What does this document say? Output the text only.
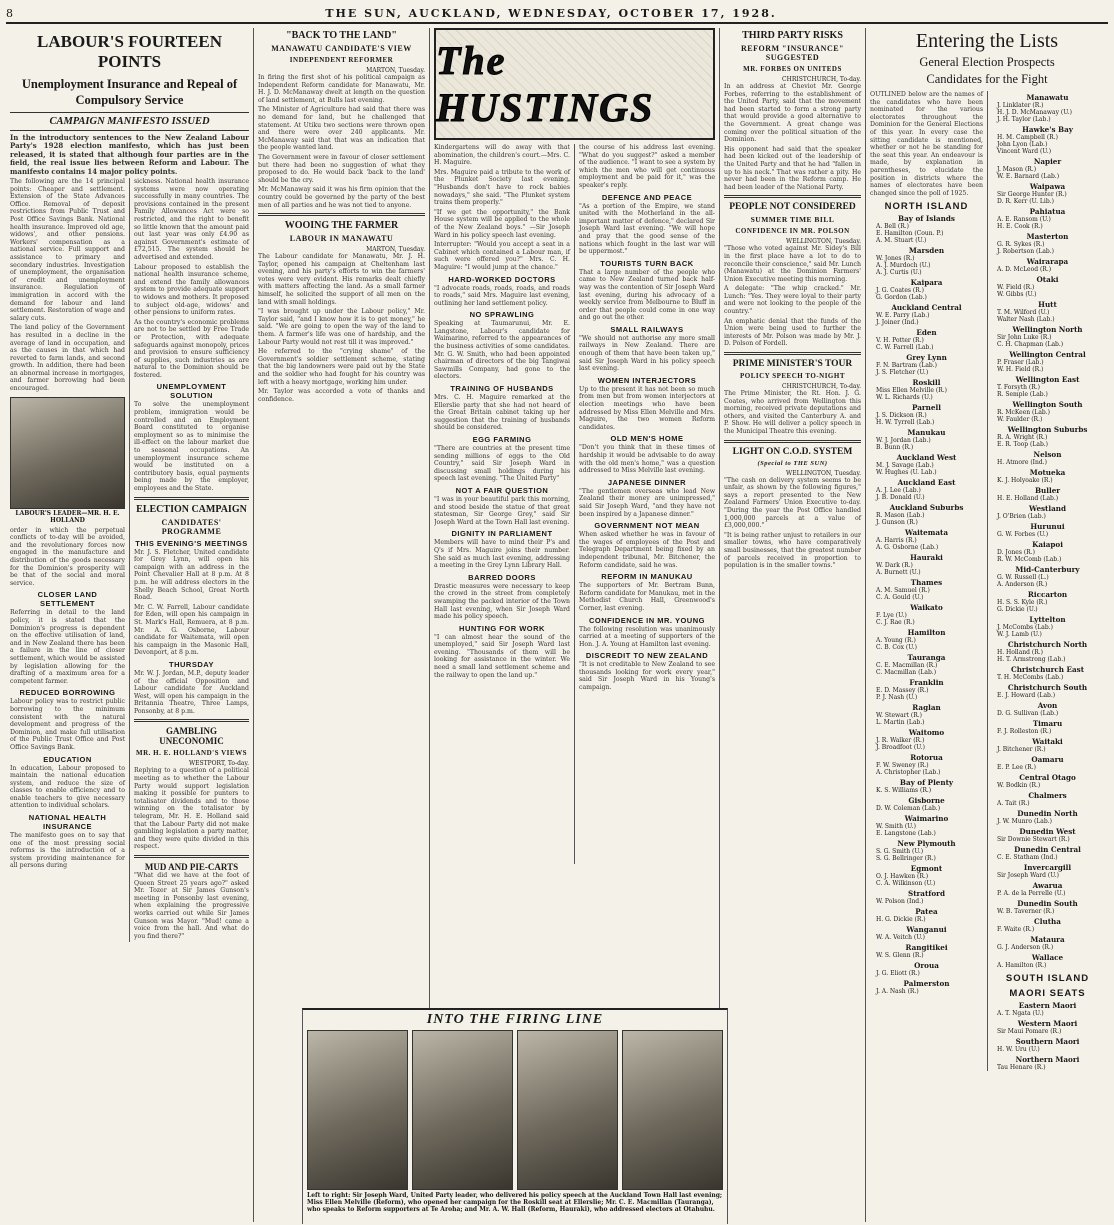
8	THE SUN, AUCKLAND, WEDNESDAY, OCTOBER 17, 1928.
LABOUR'S FOURTEEN POINTS
Unemployment Insurance and Repeal of Compulsory Service
CAMPAIGN MANIFESTO ISSUED

In the introductory sentences to the New Zealand Labour Party's 1928 election manifesto, which has just been released, it is stated that although four parties are in the field, the real issue lies between Reform and Labour. The manifesto contains 14 major policy points.

The following are the 14 principal points: Cheaper and settlement. Extension of the State Advances Office. Removal of deposit restrictions from Public Trust and Post Office Savings Bank. National health insurance. Improved old age, widows', and other pensions. Workers' compensation as a national service. Full support and assistance to primary and secondary industries. Investigation of unemployment, the organisation of credit and unemployment insurance. Regulation of immigration in accord with the demand for labour and land settlement. Restoration of wage and salary cuts.

The land policy of the Government has resulted in a decline in the average of land in occupation, and as the causes in that which had reverted to farm lands, and second growth. In addition, there had been an abnormal increase in mortgages, and farmer borrowing had been encouraged.

LABOUR'S LEADER—MR. H. E. HOLLAND

order in which the perpetual conflicts of to-day will be avoided, and the revolutionary forces now engaged in the manufacture and distribution of the goods necessary for the Dominion's prosperity will be that of the social and moral service.

CLOSER LAND SETTLEMENT

Referring in detail to the land policy, it is stated that the Dominion's progress is dependent on the effective utilisation of land, and in New Zealand there has been a failure in the line of closer settlement, which would be assisted by legislation allowing for the drafting of a maximum area for a competent farmer.

REDUCED BORROWING

Labour policy was to restrict public borrowing to the minimum consistent with the natural development and progress of the Dominion, and make full utilisation of the Public Trust Office and Post Office Savings Bank.

EDUCATION

In education, Labour proposed to maintain the national education system, and reduce the size of classes to enable efficiency and to enable teachers to give necessary attention to individual scholars.

NATIONAL HEALTH INSURANCE

The manifesto goes on to say that one of the most pressing social reforms is the introduction of a system providing maintenance for all persons during

sickness. National health insurance systems were now operating successfully in many countries. The provisions contained in the present Family Allowances Act were so restricted, and the right to benefit so little known that the amount paid out last year was only £4.90 as against Government's estimate of £72,515. The system should be advertised and extended.

Labour proposed to establish the national health insurance scheme, and extend the family allowances system to provide adequate support to widows and mothers. It proposed to subject old-age, widows' and other pensions to uniform rates.

As the country's economic problems are not to be settled by Free Trade or Protection, with adequate safeguards against monopoly, prices and provision to ensure sufficiency of supplies, such industries as are natural to the Dominion should be fostered.

UNEMPLOYMENT SOLUTION

To solve the unemployment problem, immigration would be controlled and an Employment Board constituted to organise employment so as to minimise the ill-effect on the labour market due to seasonal occupations. An unemployment insurance scheme would be instituted on a contributory basis, equal payments being made by the employer, employees and the State.

ELECTION CAMPAIGN
CANDIDATES' PROGRAMME
THIS EVENING'S MEETINGS

Mr. J. S. Fletcher, United candidate for Grey Lynn, will open his campaign with an address in the Point Chevalier Hall at 8 p.m. At 8 p.m. he will address electors in the Shelly Beach School, Great North Road.

Mr. C. W. Farrell, Labour candidate for Eden, will open his campaign in St. Mark's Hall, Remuera, at 8 p.m. Mr. A. G. Osborne, Labour candidate for Waitemata, will open his campaign in the Masonic Hall, Devonport, at 8 p.m.

THURSDAY

Mr. W. J. Jordan, M.P., deputy leader of the official Opposition and Labour candidate for Auckland West, will open his campaign in the Britannia Theatre, Three Lamps, Ponsonby, at 8 p.m.

GAMBLING UNECONOMIC
MR. H. E. HOLLAND'S VIEWS
WESTPORT, To-day.

Replying to a question of a political meeting as to whether the Labour Party would support legislation making it possible for punters to totalisator dividends and to those winning on the totalisator by telegram, Mr. H. E. Holland said that the Labour Party did not make gambling legislation a party matter, and they were quite divided in this respect.

MUD AND PIE-CARTS

"What did we have at the foot of Queen Street 25 years ago?" asked Mr. Tozer at Sir James Gunson's meeting in Ponsonby last evening, when explaining the progressive works carried out while Sir James Gunson was Mayor. "Mud! came a voice from the hall. And what do you find there?"

"BACK TO THE LAND"
MANAWATU CANDIDATE'S VIEW
INDEPENDENT REFORMER
MARTON, Tuesday.

In firing the first shot of his political campaign as Independent Reform candidate for Manawatu, Mr. H. J. D. McManaway dwelt at length on the question of land settlement, at Bulls last evening.

The Minister of Agriculture had said that there was no demand for land, but he challenged that statement. At Utiku two sections were thrown open and there were over 240 applicants. Mr. McManaway said that that was an indication that the people wanted land.

The Government were in favour of closer settlement but there had been no suggestion of what they proposed to do. He would back 'back to the land' should be the cry.

Mr. McManaway said it was his firm opinion that the country could be governed by the party of the best men of all parties and he was not tied to anyone.

WOOING THE FARMER
LABOUR IN MANAWATU
MARTON, Tuesday.

The Labour candidate for Manawatu, Mr. J. H. Taylor, opened his campaign at Cheltenham last evening, and his party's efforts to win the farmers' votes were very evident. His remarks dealt chiefly with matters affecting the land. As a small farmer himself, he solicited the support of all men on the land with small holdings.

"I was brought up under the Labour policy," Mr. Taylor said, "and I know how it is to get money," he said. "We are going to open the way of the land to them. A farmer's life was one of hardship, and the Labour Party would not rest till it was improved."

He referred to the "crying shame" of the Government's soldier settlement scheme, stating that the big landowners were paid out by the State and the soldier who had fought for his country was left with a heavy mortgage, working him under.

Mr. Taylor was accorded a vote of thanks and confidence.

The HUSTINGS

Kindergartens will do away with that abomination, the children's court.—Mrs. C. H. Maguire.

Mrs. Maguire paid a tribute to the work of the Plunket Society last evening. "Husbands don't have to rock babies nowadays," she said. "The Plunket system trains them properly."

"If we get the opportunity," the Bank House system will be applied to the whole of the New Zealand boys." —Sir Joseph Ward in his policy speech last evening.

Interrupter: "Would you accept a seat in a Cabinet which contained a Labour man, if such were offered you?" Mrs. C. H. Maguire: "I would jump at the chance."

HARD-WORKED DOCTORS

"I advocate roads, roads, roads, and roads to roads," said Mrs. Maguire last evening, outlining her land settlement policy.

NO SPRAWLING

Speaking at Taumarunui, Mr. E. Langstone, Labour's candidate for Waimarino, referred to the appearances of the business activities of some candidates. Mr. G. W. Smith, who had been appointed chairman of directors of the big Tangiwai Sawmills Company, had gone to the electors.

TRAINING OF HUSBANDS

Mrs. C. H. Maguire remarked at the Ellerslie party that she had not heard of the Great Britain cabinet taking up her suggestion that the training of husbands should be considered.

EGG FARMING

"There are countries at the present time sending millions of eggs to the Old Country," said Sir Joseph Ward in discussing small holdings during his speech last evening. "The United Party"

NOT A FAIR QUESTION

"I was in your beautiful park this morning, and stood beside the statue of that great statesman, Sir George Grey," said Sir Joseph Ward at the Town Hall last evening.

DIGNITY IN PARLIAMENT

Members will have to mind their P's and Q's if Mrs. Maguire joins their number. She said as much last evening, addressing a meeting in the Grey Lynn Library Hall.

BARRED DOORS

Drastic measures were necessary to keep the crowd in the street from completely swamping the packed interior of the Town Hall last evening, when Sir Joseph Ward made his policy speech.

HUNTING FOR WORK

"I can almost hear the sound of the unemployed," said Sir Joseph Ward last evening. "Thousands of them will be looking for assistance in the winter. We need a small land settlement scheme and the railway to open the land up."

the course of his address last evening. "What do you suggest?" asked a member of the audience. "I want to see a system by which the men who will get continuous employment and be paid for it," was the speaker's reply.

DEFENCE AND PEACE

"As a portion of the Empire, we stand united with the Motherland in the all-important matter of defence," declared Sir Joseph Ward last evening. "We will hope and pray that the good sense of the nations which fought in the last war will be uppermost."

TOURISTS TURN BACK

That a large number of the people who came to New Zealand turned back half-way was the contention of Sir Joseph Ward last evening, during his advocacy of a weekly service from Melbourne to Bluff in order that people could come in one way and go out the other.

SMALL RAILWAYS

"We should not authorise any more small railways in New Zealand. There are enough of them that have been taken up," said Sir Joseph Ward in his policy speech last evening.

WOMEN INTERJECTORS

Up to the present it has not been so much from men but from women interjectors at election meetings who have been addressed by Miss Ellen Melville and Mrs. Maguire, the two women Reform candidates.

OLD MEN'S HOME

"Don't you think that in these times of hardship it would be advisable to do away with the old men's home," was a question addressed to Miss Melville last evening.

JAPANESE DINNER

"The gentlemen overseas who lead New Zealand their money are unimpressed," said Sir Joseph Ward, "and they have not been inspired by a Japanese dinner."

GOVERNMENT NOT MEAN

When asked whether he was in favour of the wages of employees of the Post and Telegraph Department being fixed by an independent tribunal, Mr. Bitchener, the Reform candidate, said he was.

REFORM IN MANUKAU

The supporters of Mr. Bertram Bunn, Reform candidate for Manukau, met in the Methodist Church Hall, Greenwood's Corner, last evening.

CONFIDENCE IN MR. YOUNG

The following resolution was unanimously carried at a meeting of supporters of the Hon. J. A. Young at Hamilton last evening.

DISCREDIT TO NEW ZEALAND

"It is not creditable to New Zealand to see thousands looking for work every year," said Sir Joseph Ward in his Young's campaign.

THIRD PARTY RISKS
REFORM "INSURANCE" SUGGESTED
MR. FORBES ON UNITEDS
CHRISTCHURCH, To-day.

In an address at Cheviot Mr. George Forbes, referring to the establishment of the United Party, said that the movement had been started to form a strong party that would provide a good alternative to the Government. A great change was coming over the political situation of the Dominion.

His opponent had said that the speaker had been kicked out of the leadership of the United Party and that he had "fallen in up to his neck." That was rather a pity. He never had been in the Reform camp. He had been leader of the National Party.

PEOPLE NOT CONSIDERED
SUMMER TIME BILL
CONFIDENCE IN MR. POLSON
WELLINGTON, Tuesday.

"Those who voted against Mr. Sidey's Bill in the first place have a lot to do to reconcile their conscience," said Mr. Lunch (Manawatu) at the Dominion Farmers' Union Executive meeting this morning.

A delegate: "The whip cracked." Mr. Lunch: "Yes. They were loyal to their party and were not looking to the people of the country."

An emphatic denial that the funds of the Union were being used to further the interests of Mr. Polson was made by Mr. J. D. Polson of Fordell.

PRIME MINISTER'S TOUR
POLICY SPEECH TO-NIGHT
CHRISTCHURCH, To-day.

The Prime Minister, the Rt. Hon. J. G. Coates, who arrived from Wellington this morning, received private deputations and others, and visited the Canterbury A. and P. Show. He will deliver a policy speech in the Municipal Theatre this evening.

LIGHT ON C.O.D. SYSTEM
(Special to THE SUN)
WELLINGTON, Tuesday.

"The cash on delivery system seems to be unfair, as shown by the following figures," says a report presented to the New Zealand Farmers' Union Executive to-day. "During the year the Post Office handled 1,000,000 parcels at a value of £3,000,000."

"It is being rather unjust to retailers in our smaller towns, who have comparatively small businesses, that the greatest number of parcels received in proportion to population is in the smaller towns."

Entering the Lists
General Election Prospects
Candidates for the Fight

OUTLINED below are the names of the candidates who have been nominated for the various electorates throughout the Dominion for the General Elections of this year. In every case the sitting candidate is mentioned, whether or not he be standing for the seat this year. An endeavour is made, by explanation in parentheses, to elucidate the position in districts where the names of electorates have been changed since the poll of 1925.

NORTH ISLAND
Bay of Islands
A. Bell (R.)
E. Hamilton (Coun. P.)
A. M. Stuart (U.)
Marsden
W. Jones (R.)
A. J. Murdoch (U.)
A. J. Curtis (U.)
Kaipara
J. G. Coates (R.)
G. Gordon (Lab.)
Auckland Central
W. E. Parry (Lab.)
J. Joiner (Ind.)
Eden
V. H. Potter (R.)
C. W. Farrell (Lab.)
Grey Lynn
F. N. Bartram (Lab.)
J. S. Fletcher (U.)
Roskill
Miss Ellen Melville (R.)
W. L. Richards (U.)
Parnell
J. S. Dickson (R.)
H. W. Tyrrell (Lab.)
Manukau
W. J. Jordan (Lab.)
B. Bunn (R.)
Auckland West
M. J. Savage (Lab.)
W. Hughes (U. Lab.)
Auckland East
A. J. Lee (Lab.)
J. B. Donald (U.)
Auckland Suburbs
R. Mason (Lab.)
J. Gunson (R.)
Waitemata
A. Harris (R.)
A. G. Osborne (Lab.)
Hauraki
W. Dark (R.)
A. Burnett (U.)
Thames
A. M. Samuel (R.)
C. A. Gould (U.)
Waikato
F. Lye (U.)
C. J. Rae (R.)
Hamilton
A. Young (R.)
C. B. Cox (U.)
Tauranga
C. E. Macmillan (R.)
C. Macmillan (Lab.)
Franklin
E. D. Massey (R.)
P. J. Nash (U.)
Raglan
W. Stewart (R.)
L. Martin (Lab.)
Waitomo
J. R. Walker (R.)
J. Broadfoot (U.)
Rotorua
F. W. Sweney (R.)
A. Christopher (Lab.)
Bay of Plenty
K. S. Williams (R.)
Gisborne
D. W. Coleman (Lab.)
Waimarino
W. Smith (U.)
E. Langstone (Lab.)
New Plymouth
S. G. Smith (U.)
S. G. Bellringer (R.)
Egmont
O. J. Hawken (R.)
C. A. Wilkinson (U.)
Stratford
W. Polson (Ind.)
Patea
H. G. Dickie (R.)
Wanganui
W. A. Veitch (U.)
Rangitikei
W. S. Glenn (R.)
Oroua
J. G. Eliott (R.)
Palmerston
J. A. Nash (R.)
Manawatu
J. Linklater (R.)
H. J. D. McManaway (U.)
J. H. Taylor (Lab.)
Hawke's Bay
H. M. Campbell (R.)
John Lyon (Lab.)
Vincent Ward (U.)
Napier
J. Mason (R.)
W. E. Barnard (Lab.)
Waipawa
Sir George Hunter (R.)
D. R. Kerr (U. Lib.)
Pahiatua
A. E. Ransom (U.)
H. E. Cook (R.)
Masterton
G. R. Sykes (R.)
J. Robertson (Lab.)
Wairarapa
A. D. McLeod (R.)
Otaki
W. Field (R.)
W. Gibbs (U.)
Hutt
T. M. Wilford (U.)
Walter Nash (Lab.)
Wellington North
Sir John Luke (R.)
C. H. Chapman (Lab.)
Wellington Central
P. Fraser (Lab.)
W. H. Field (R.)
Wellington East
T. Forsyth (R.)
R. Semple (Lab.)
Wellington South
R. McKeen (Lab.)
W. Faulder (R.)
Wellington Suburbs
R. A. Wright (R.)
E. R. Toop (Lab.)
Nelson
H. Atmore (Ind.)
Motueka
K. J. Holyoake (R.)
Buller
H. E. Holland (Lab.)
Westland
J. O'Brien (Lab.)
Hurunui
G. W. Forbes (U.)
Kaiapoi
D. Jones (R.)
R. W. McComb (Lab.)
Mid-Canterbury
G. W. Russell (L.)
A. Anderson (R.)
Riccarton
H. S. S. Kyle (R.)
G. Dickie (U.)
Lyttelton
J. McCombs (Lab.)
W. J. Lamb (U.)
Christchurch North
H. Holland (R.)
H. T. Armstrong (Lab.)
Christchurch East
T. H. McCombs (Lab.)
Christchurch South
E. J. Howard (Lab.)
Avon
D. G. Sullivan (Lab.)
Timaru
F. J. Rolleston (R.)
Waitaki
J. Bitchener (R.)
Oamaru
E. P. Lee (R.)
Central Otago
W. Bodkin (R.)
Chalmers
A. Tait (R.)
Dunedin North
J. W. Munro (Lab.)
Dunedin West
Sir Downie Stewart (R.)
Dunedin Central
C. E. Statham (Ind.)
Invercargill
Sir Joseph Ward (U.)
Awarua
P. A. de la Perrelle (U.)
Dunedin South
W. B. Taverner (R.)
Clutha
F. Waite (R.)
Mataura
G. J. Anderson (R.)
Wallace
A. Hamilton (R.)
SOUTH ISLAND
MAORI SEATS
Eastern Maori
A. T. Ngata (U.)
Western Maori
Sir Maui Pomare (R.)
Southern Maori
H. W. Uru (U.)
Northern Maori
Tau Henare (R.)
INTO THE FIRING LINE
Left to right: Sir Joseph Ward, United Party leader, who delivered his policy speech at the Auckland Town Hall last evening; Miss Ellen Melville (Reform), who opened her campaign for the Roskill seat at Ellerslie; Mr. C. E. Macmillan (Tauranga), who speaks to Reform supporters at Te Aroha; and Mr. A. W. Hall (Reform, Hauraki), who addressed electors at Otahuhu.
